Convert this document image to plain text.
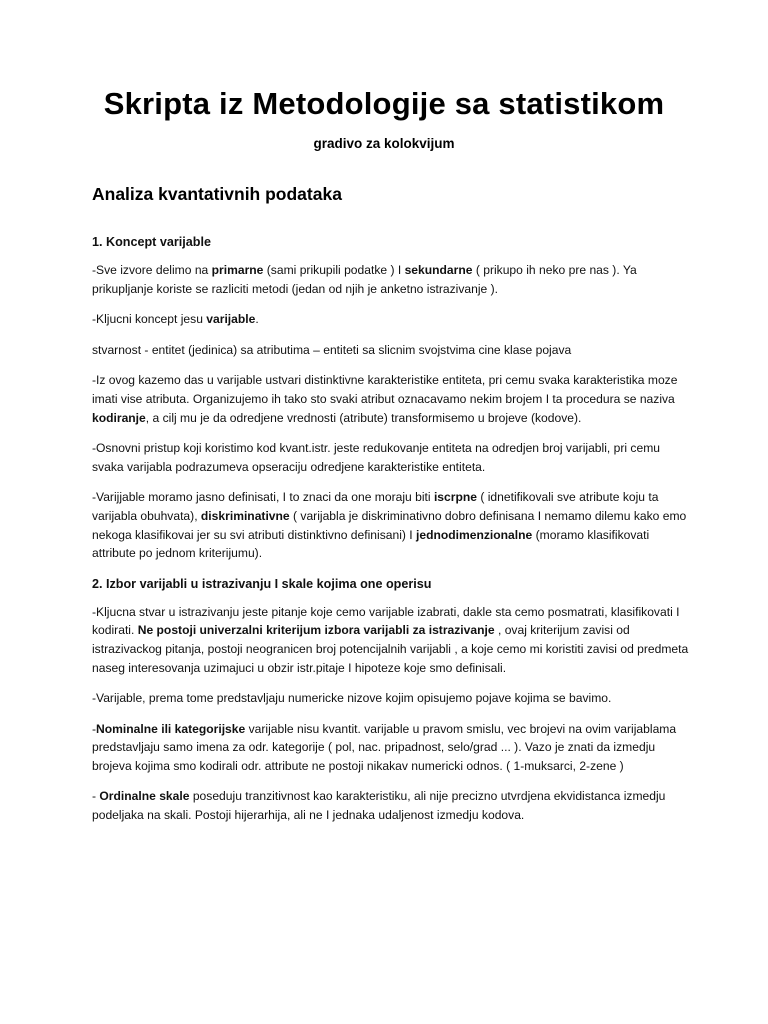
Skripta iz Metodologije sa statistikom
gradivo za kolokvijum
Analiza kvantativnih podataka
1. Koncept varijable

-Sve izvore delimo na primarne (sami prikupili podatke ) I sekundarne ( prikupo ih neko pre nas ). Ya prikupljanje koriste se razliciti metodi (jedan od njih je anketno istrazivanje ).

-Kljucni koncept jesu varijable.

stvarnost - entitet (jedinica) sa atributima – entiteti sa slicnim svojstvima cine klase pojava

-Iz ovog kazemo das u varijable ustvari distinktivne karakteristike entiteta, pri cemu svaka karakteristika moze imati vise atributa. Organizujemo ih tako sto svaki atribut oznacavamo nekim brojem I ta procedura se naziva kodiranje, a cilj mu je da odredjene vrednosti (atribute) transformisemo u brojeve (kodove).

-Osnovni pristup koji koristimo kod kvant.istr. jeste redukovanje entiteta na odredjen broj varijabli, pri cemu svaka varijabla podrazumeva opseraciju odredjene karakteristike entiteta.

-Varijjable moramo jasno definisati, I to znaci da one moraju biti iscrpne ( idnetifikovali sve atribute koju ta varijabla obuhvata), diskriminativne ( varijabla je diskriminativno dobro definisana I nemamo dilemu kako emo nekoga klasifikovai jer su svi atributi distinktivno definisani) I jednodimenzionalne (moramo klasifikovati attribute po jednom kriterijumu).

2. Izbor varijabli u istrazivanju I skale kojima one operisu

-Kljucna stvar u istrazivanju jeste pitanje koje cemo varijable izabrati, dakle sta cemo posmatrati, klasifikovati I kodirati. Ne postoji univerzalni kriterijum izbora varijabli za istrazivanje , ovaj kriterijum zavisi od istrazivackog pitanja, postoji neogranicen broj potencijalnih varijabli , a koje cemo mi koristiti zavisi od predmeta naseg interesovanja uzimajuci u obzir istr.pitaje I hipoteze koje smo definisali.

-Varijable, prema tome predstavljaju numericke nizove kojim opisujemo pojave kojima se bavimo.

-Nominalne ili kategorijske varijable nisu kvantit. varijable u pravom smislu, vec brojevi na ovim varijablama predstavljaju samo imena za odr. kategorije ( pol, nac. pripadnost, selo/grad ... ). Vazo je znati da izmedju brojeva kojima smo kodirali odr. attribute ne postoji nikakav numericki odnos. ( 1-muksarci, 2-zene )

- Ordinalne skale poseduju tranzitivnost kao karakteristiku, ali nije precizno utvrdjena ekvidistanca izmedju podeljaka na skali. Postoji hijerarhija, ali ne I jednaka udaljenost izmedju kodova.
